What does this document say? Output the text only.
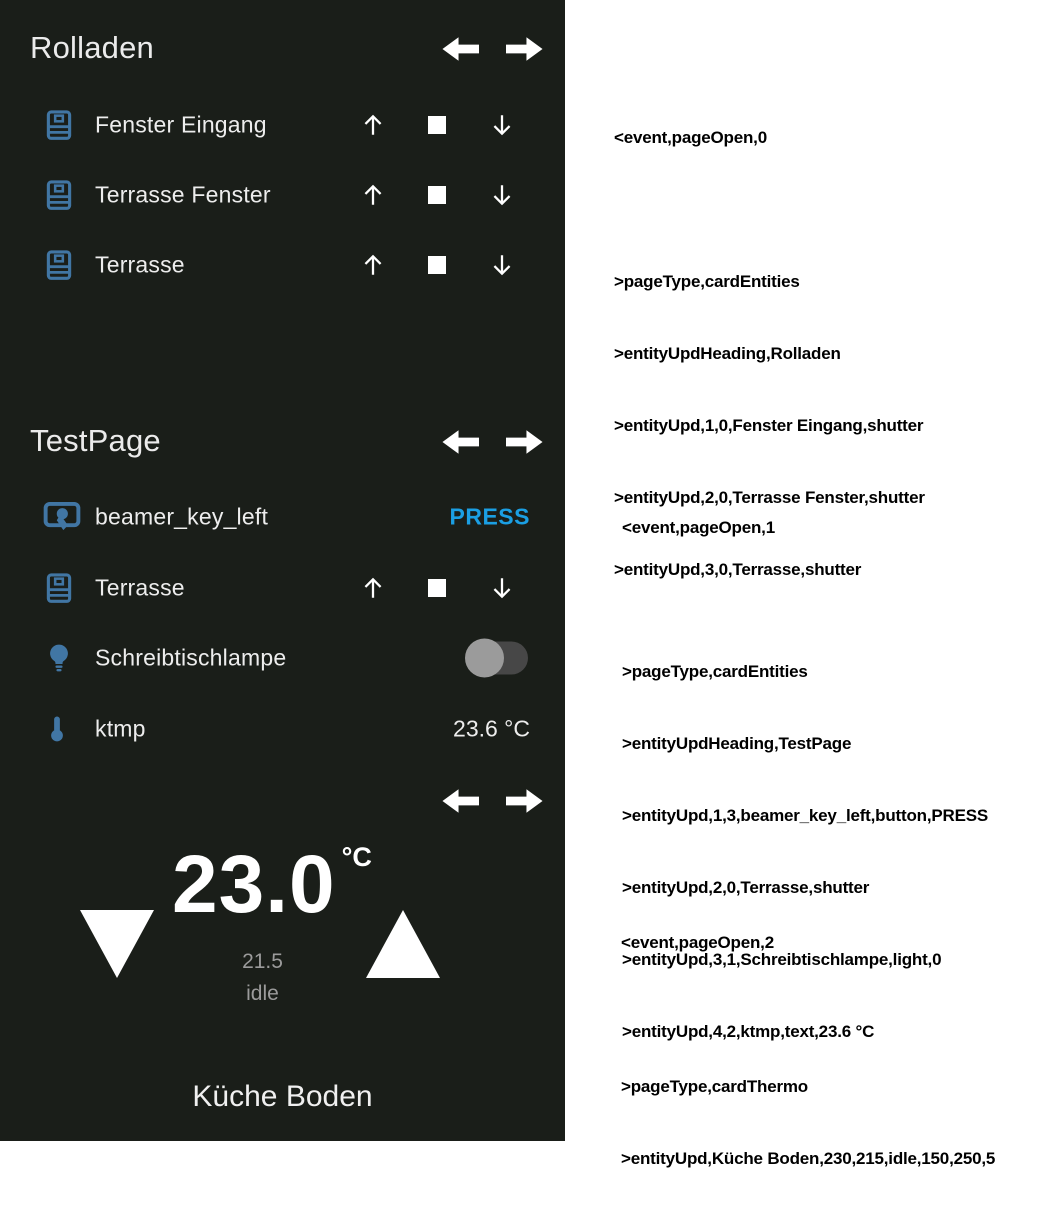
Rolladen
Fenster Eingang
Terrasse Fenster
Terrasse
TestPage
beamer_key_left	PRESS
Terrasse
Schreibtischlampe
ktmp	23.6 °C
23.0 °C
21.5
idle
Küche Boden

<event,pageOpen,0

>pageType,cardEntities

>entityUpdHeading,Rolladen

>entityUpd,1,0,Fenster Eingang,shutter

>entityUpd,2,0,Terrasse Fenster,shutter

>entityUpd,3,0,Terrasse,shutter

<event,pageOpen,1

>pageType,cardEntities

>entityUpdHeading,TestPage

>entityUpd,1,3,beamer_key_left,button,PRESS

>entityUpd,2,0,Terrasse,shutter

>entityUpd,3,1,Schreibtischlampe,light,0

>entityUpd,4,2,ktmp,text,23.6 °C

<event,pageOpen,2

>pageType,cardThermo

>entityUpd,Küche Boden,230,215,idle,150,250,5
